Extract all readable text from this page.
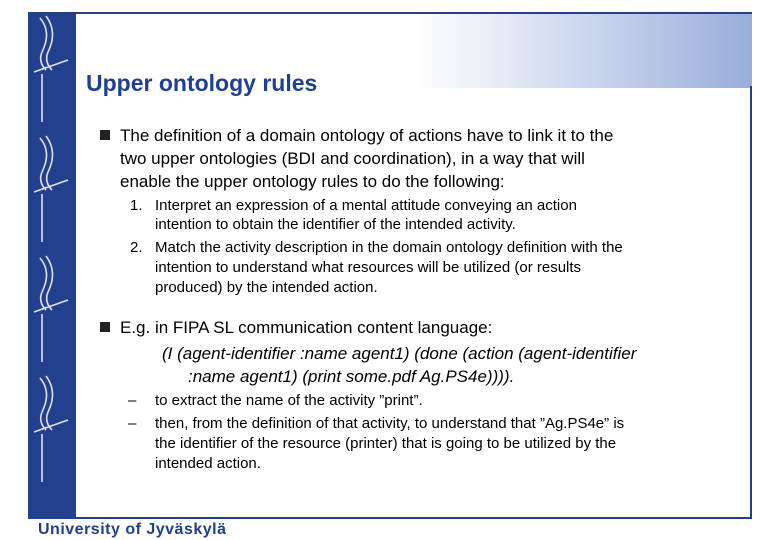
Upper ontology rules
The definition of a domain ontology of actions have to link it to the
two upper ontologies (BDI and coordination), in a way that will
enable the upper ontology rules to do the following:
1. Interpret an expression of a mental attitude conveying an action
intention to obtain the identifier of the intended activity.
2. Match the activity description in the domain ontology definition with the
intention to understand what resources will be utilized (or results
produced) by the intended action.
E.g. in FIPA SL communication content language:
(I (agent-identifier :name agent1) (done (action (agent-identifier
:name agent1) (print some.pdf Ag.PS4e)))).
– to extract the name of the activity ”print”.
– then, from the definition of that activity, to understand that ”Ag.PS4e” is
the identifier of the resource (printer) that is going to be utilized by the
intended action.
University of Jyväskylä
